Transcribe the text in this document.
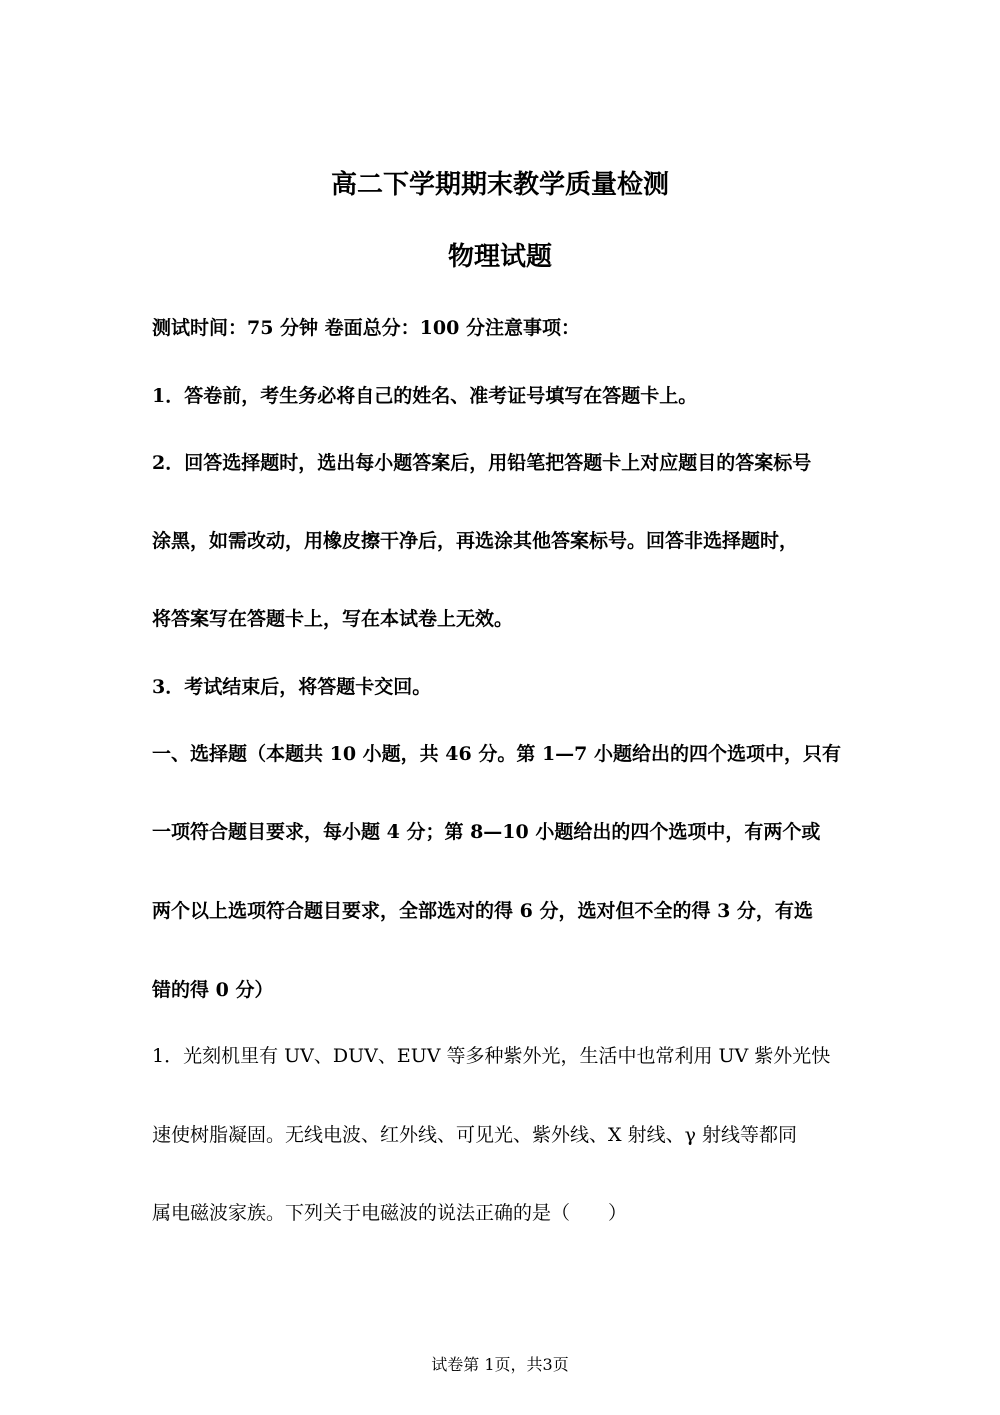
高二下学期期末教学质量检测
物理试题
测试时间：75 分钟 卷面总分：100 分注意事项：
1．答卷前，考生务必将自己的姓名、准考证号填写在答题卡上。
2．回答选择题时，选出每小题答案后，用铅笔把答题卡上对应题目的答案标号
涂黑，如需改动，用橡皮擦干净后，再选涂其他答案标号。回答非选择题时，
将答案写在答题卡上，写在本试卷上无效。
3．考试结束后，将答题卡交回。
一、选择题（本题共 10 小题，共 46 分。第 1—7 小题给出的四个选项中，只有
一项符合题目要求，每小题 4 分；第 8—10 小题给出的四个选项中，有两个或
两个以上选项符合题目要求，全部选对的得 6 分，选对但不全的得 3 分，有选
错的得 0 分）
1．光刻机里有 UV、DUV、EUV 等多种紫外光，生活中也常利用 UV 紫外光快
速使树脂凝固。无线电波、红外线、可见光、紫外线、X 射线、γ 射线等都同
属电磁波家族。下列关于电磁波的说法正确的是（　　）
试卷第 1页，共3页
